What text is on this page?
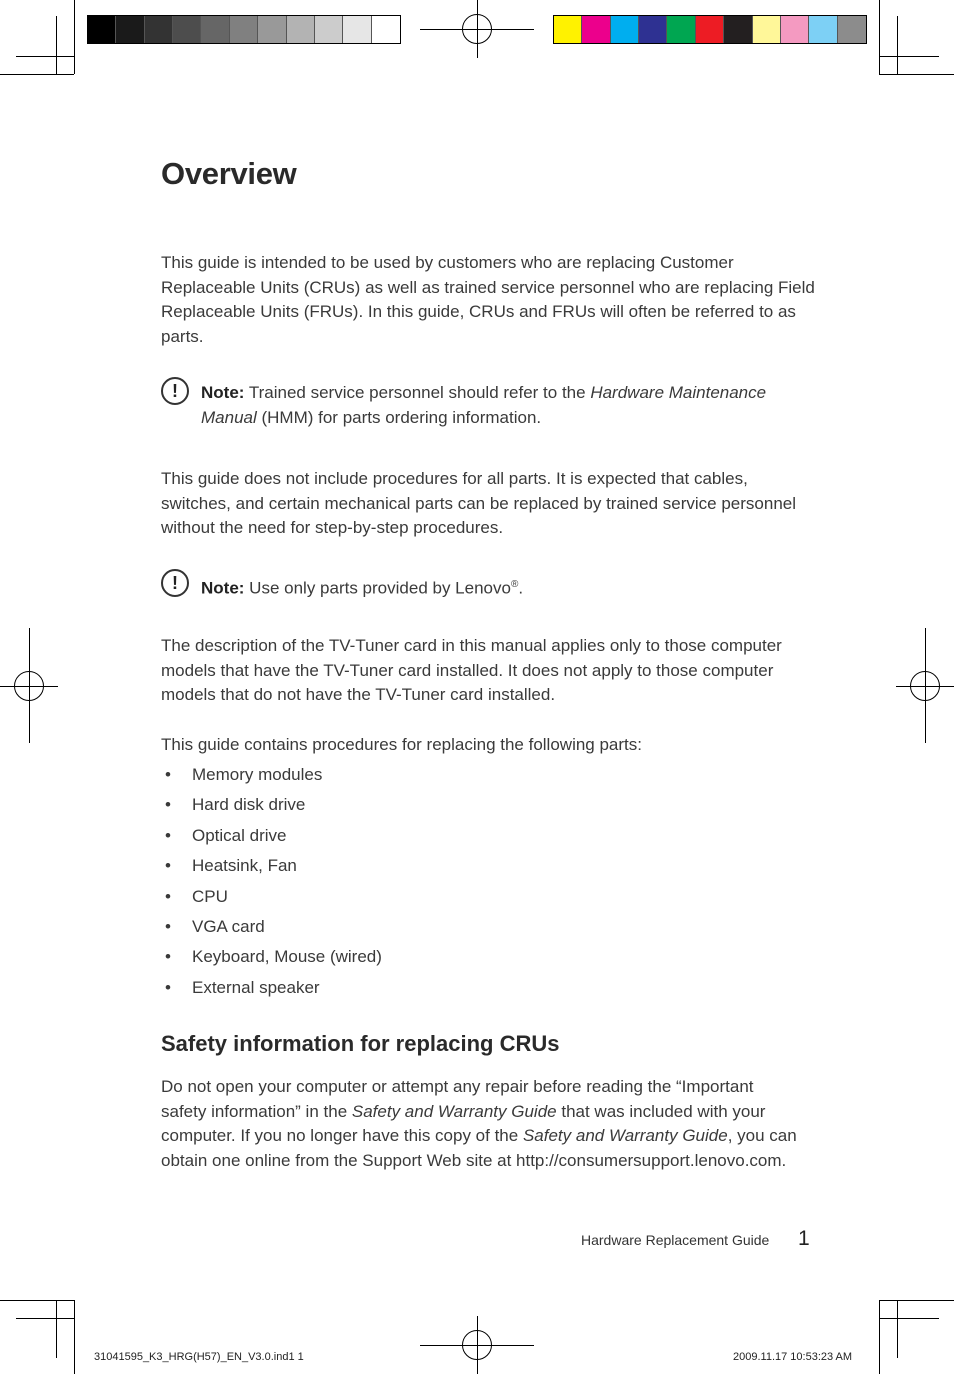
Overview

This guide is intended to be used by customers who are replacing Customer Replaceable Units (CRUs) as well as trained service personnel who are replacing Field Replaceable Units (FRUs). In this guide, CRUs and FRUs will often be referred to as parts.

!	Note: Trained service personnel should refer to the Hardware Maintenance Manual (HMM) for parts ordering information.

This guide does not include procedures for all parts. It is expected that cables, switches, and certain mechanical parts can be replaced by trained service personnel without the need for step-by-step procedures.

!	Note: Use only parts provided by Lenovo®.

The description of the TV-Tuner card in this manual applies only to those computer models that have the TV-Tuner card installed. It does not apply to those computer models that do not have the TV-Tuner card installed.

This guide contains procedures for replacing the following parts:

• Memory modules
• Hard disk drive
• Optical drive
• Heatsink, Fan
• CPU
• VGA card
• Keyboard, Mouse (wired)
• External speaker
Safety information for replacing CRUs

Do not open your computer or attempt any repair before reading the “Important safety information” in the Safety and Warranty Guide that was included with your computer. If you no longer have this copy of the Safety and Warranty Guide, you can obtain one online from the Support Web site at http://consumersupport.lenovo.com.

Hardware Replacement Guide 1
31041595_K3_HRG(H57)_EN_V3.0.ind1 1	2009.11.17 10:53:23 AM
